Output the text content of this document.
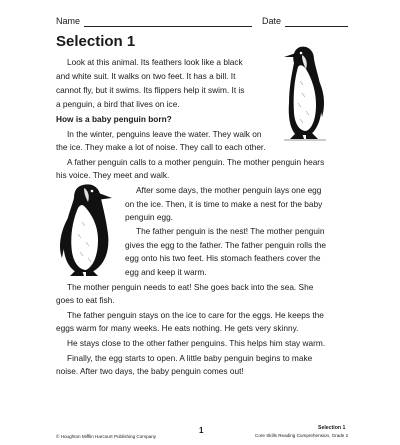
Name	Date
Selection 1
Look at this animal. Its feathers look like a black
and white suit. It walks on two feet. It has a bill. It
cannot fly, but it swims. Its flippers help it swim. It is
a penguin, a bird that lives on ice.
How is a baby penguin born?
In the winter, penguins leave the water. They walk on
the ice. They make a lot of noise. They call to each other.
A father penguin calls to a mother penguin. The mother penguin hears
his voice. They meet and walk.
After some days, the mother penguin lays one egg
on the ice. Then, it is time to make a nest for the baby
penguin egg.
The father penguin is the nest! The mother penguin
gives the egg to the father. The father penguin rolls the
egg onto his two feet. His stomach feathers cover the
egg and keep it warm.
The mother penguin needs to eat! She goes back into the sea. She
goes to eat fish.
The father penguin stays on the ice to care for the eggs. He keeps the
eggs warm for many weeks. He eats nothing. He gets very skinny.
He stays close to the other father penguins. This helps him stay warm.
Finally, the egg starts to open. A little baby penguin begins to make
noise. After two days, the baby penguin comes out!
© Houghton Mifflin Harcourt Publishing Company
1	Selection 1
Core Skills Reading Comprehension, Grade 2
